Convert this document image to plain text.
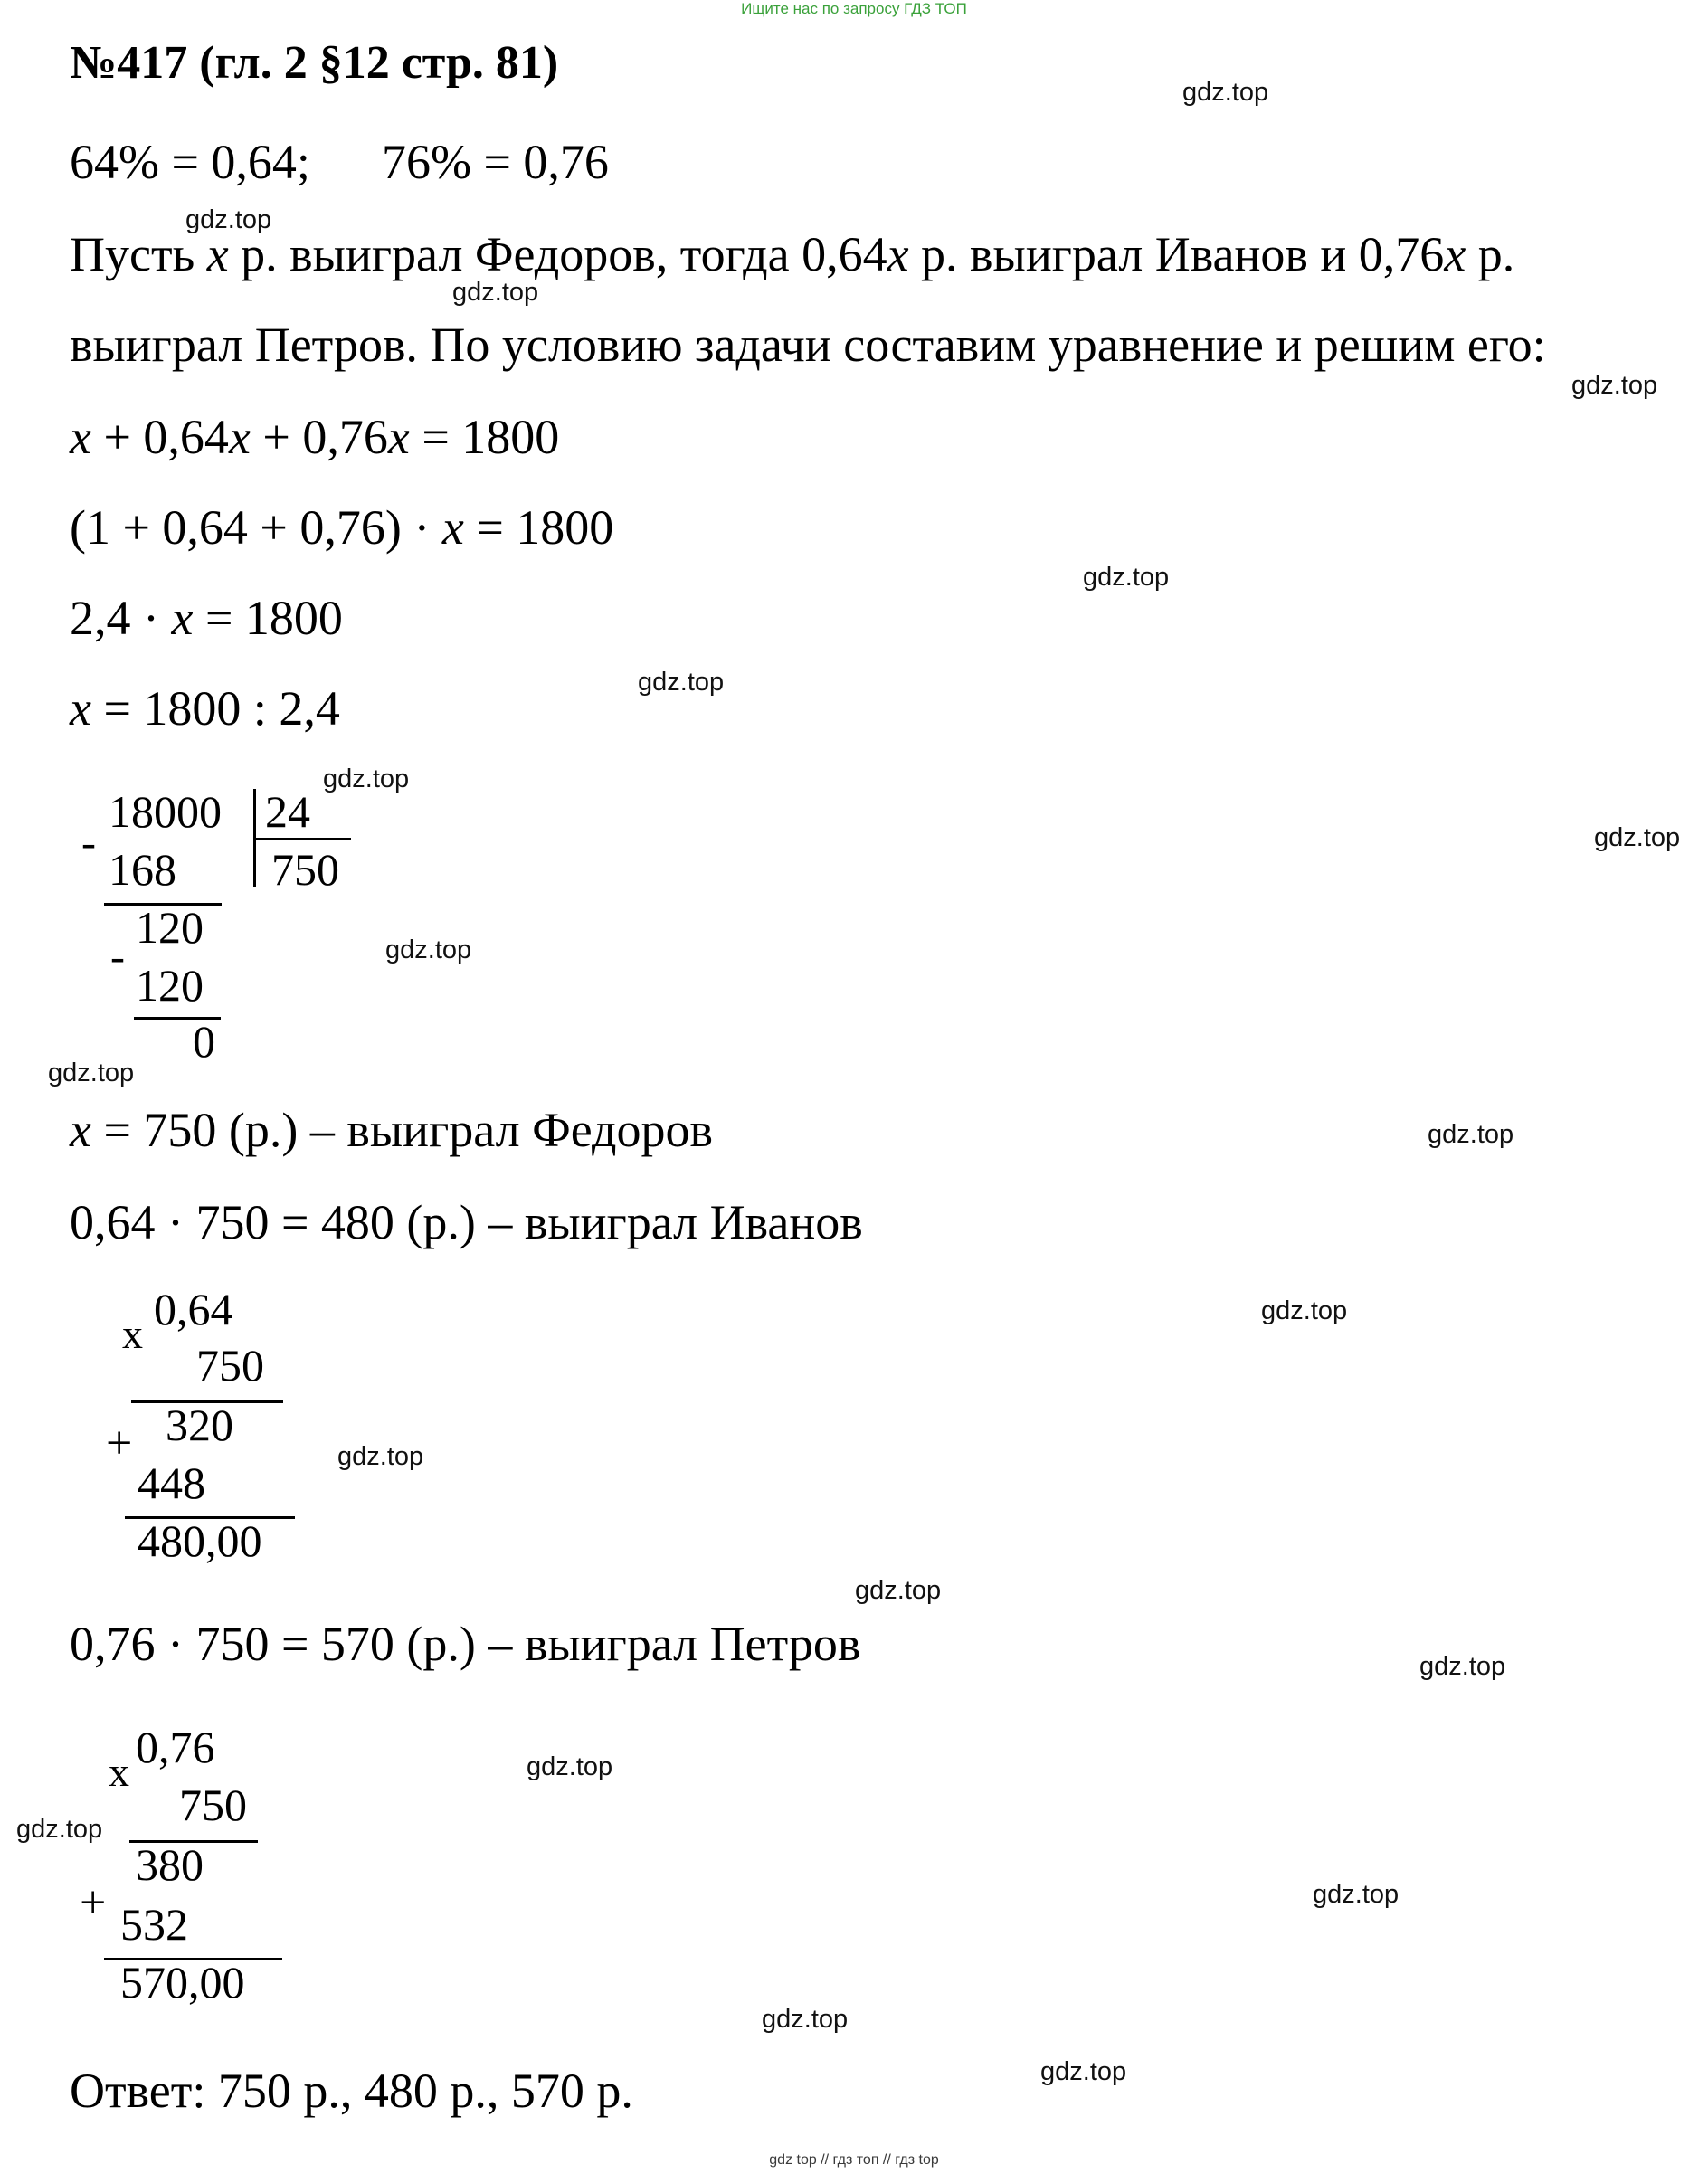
Ищите нас по запросу ГДЗ ТОП
№417 (гл. 2 §12 стр. 81)
64% = 0,64; 76% = 0,76
Пусть x р. выиграл Федоров, тогда 0,64x р. выиграл Иванов и 0,76x р.
выиграл Петров. По условию задачи составим уравнение и решим его:
x + 0,64x + 0,76x = 1800
(1 + 0,64 + 0,76) · x = 1800
2,4 · x = 1800
x = 1800 : 2,4
-
18000 24
168 750
120
-
120
0
x = 750 (р.) – выиграл Федоров
0,64 · 750 = 480 (р.) – выиграл Иванов
x 0,64
750
+ 320
448
480,00
0,76 · 750 = 570 (р.) – выиграл Петров
x 0,76
750
380
+ 532
570,00
Ответ: 750 р., 480 р., 570 р.
gdz.top
gdz.top
gdz.top
gdz.top
gdz.top
gdz.top
gdz.top
gdz.top
gdz.top
gdz.top
gdz.top
gdz.top
gdz.top
gdz.top
gdz.top
gdz.top
gdz.top
gdz.top
gdz.top
gdz.top
gdz top // гдз топ // гдз top
